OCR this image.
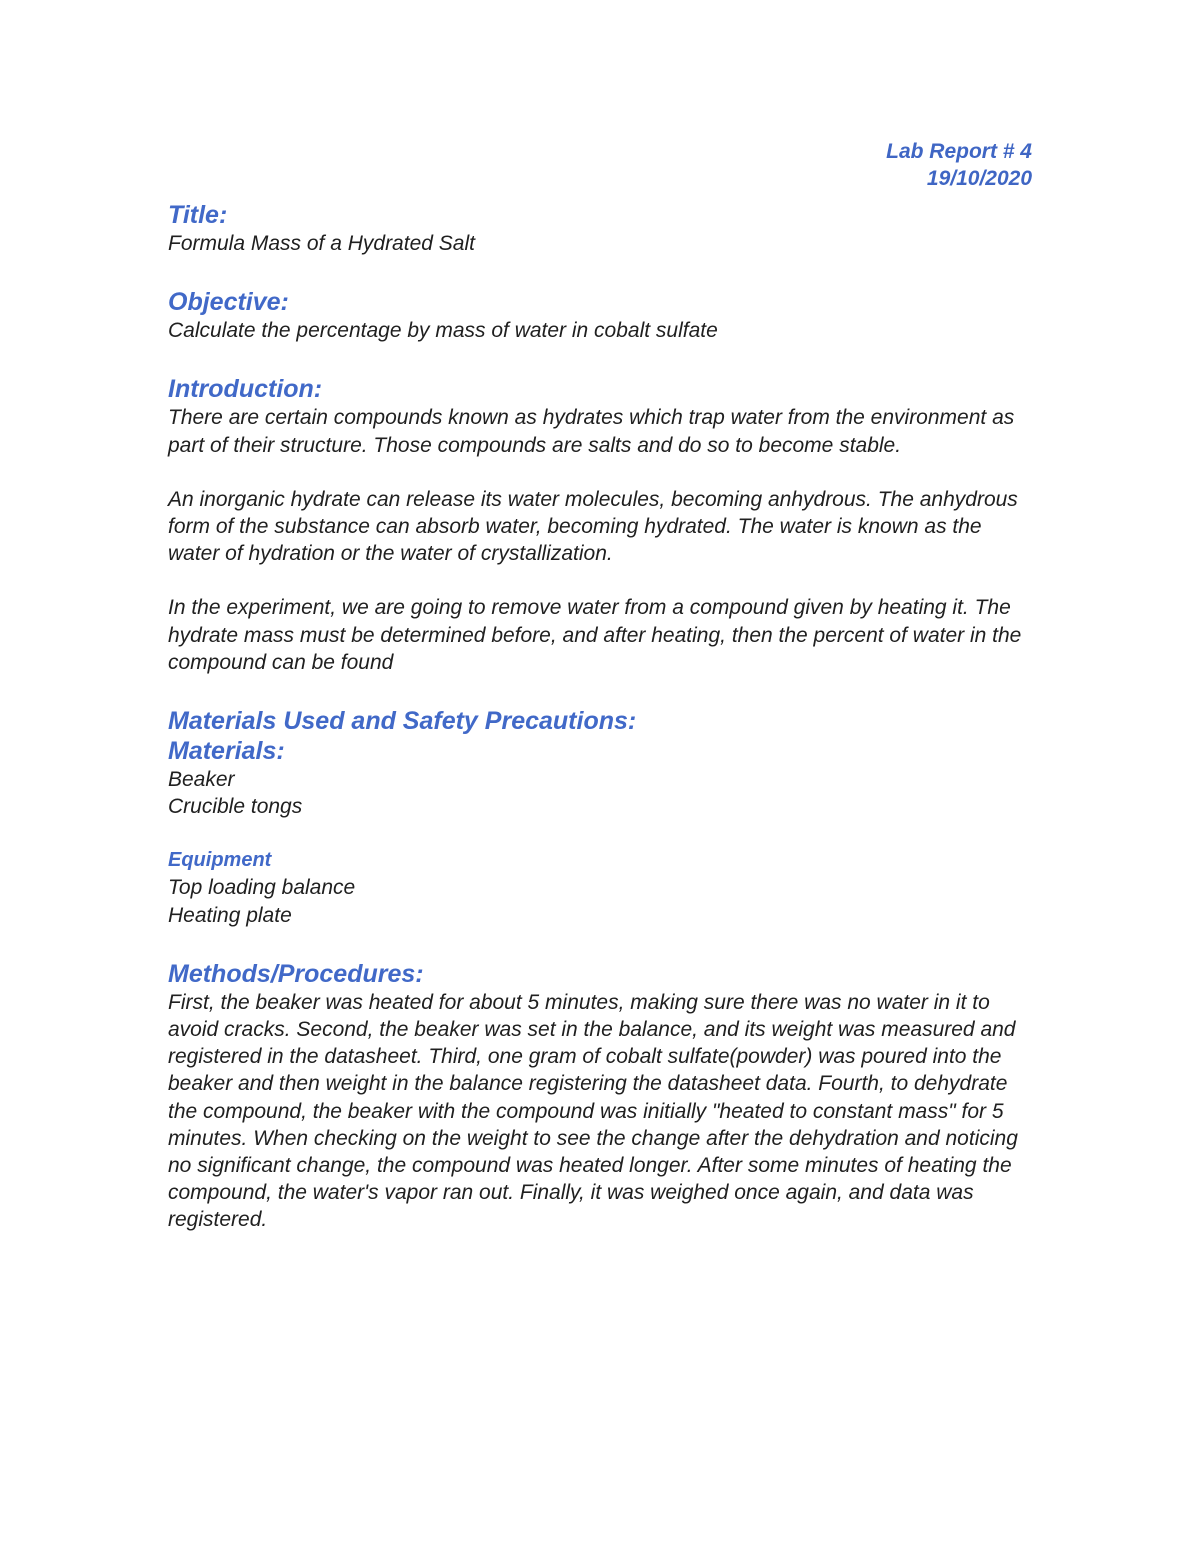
Lab Report # 4
19/10/2020
Title:

Formula Mass of a Hydrated Salt

Objective:

Calculate the percentage by mass of water in cobalt sulfate

Introduction:

There are certain compounds known as hydrates which trap water from the environment as part of their structure. Those compounds are salts and do so to become stable.

An inorganic hydrate can release its water molecules, becoming anhydrous. The anhydrous form of the substance can absorb water, becoming hydrated. The water is known as the water of hydration or the water of crystallization.

In the experiment, we are going to remove water from a compound given by heating it. The hydrate mass must be determined before, and after heating, then the percent of water in the compound can be found

Materials Used and Safety Precautions:
Materials:

Beaker

Crucible tongs

Equipment

Top loading balance

Heating plate

Methods/Procedures:

First, the beaker was heated for about 5 minutes, making sure there was no water in it to avoid cracks. Second, the beaker was set in the balance, and its weight was measured and registered in the datasheet. Third, one gram of cobalt sulfate(powder) was poured into the beaker and then weight in the balance registering the datasheet data. Fourth, to dehydrate the compound, the beaker with the compound was initially "heated to constant mass" for 5 minutes. When checking on the weight to see the change after the dehydration and noticing no significant change, the compound was heated longer. After some minutes of heating the compound, the water's vapor ran out. Finally, it was weighed once again, and data was registered.
